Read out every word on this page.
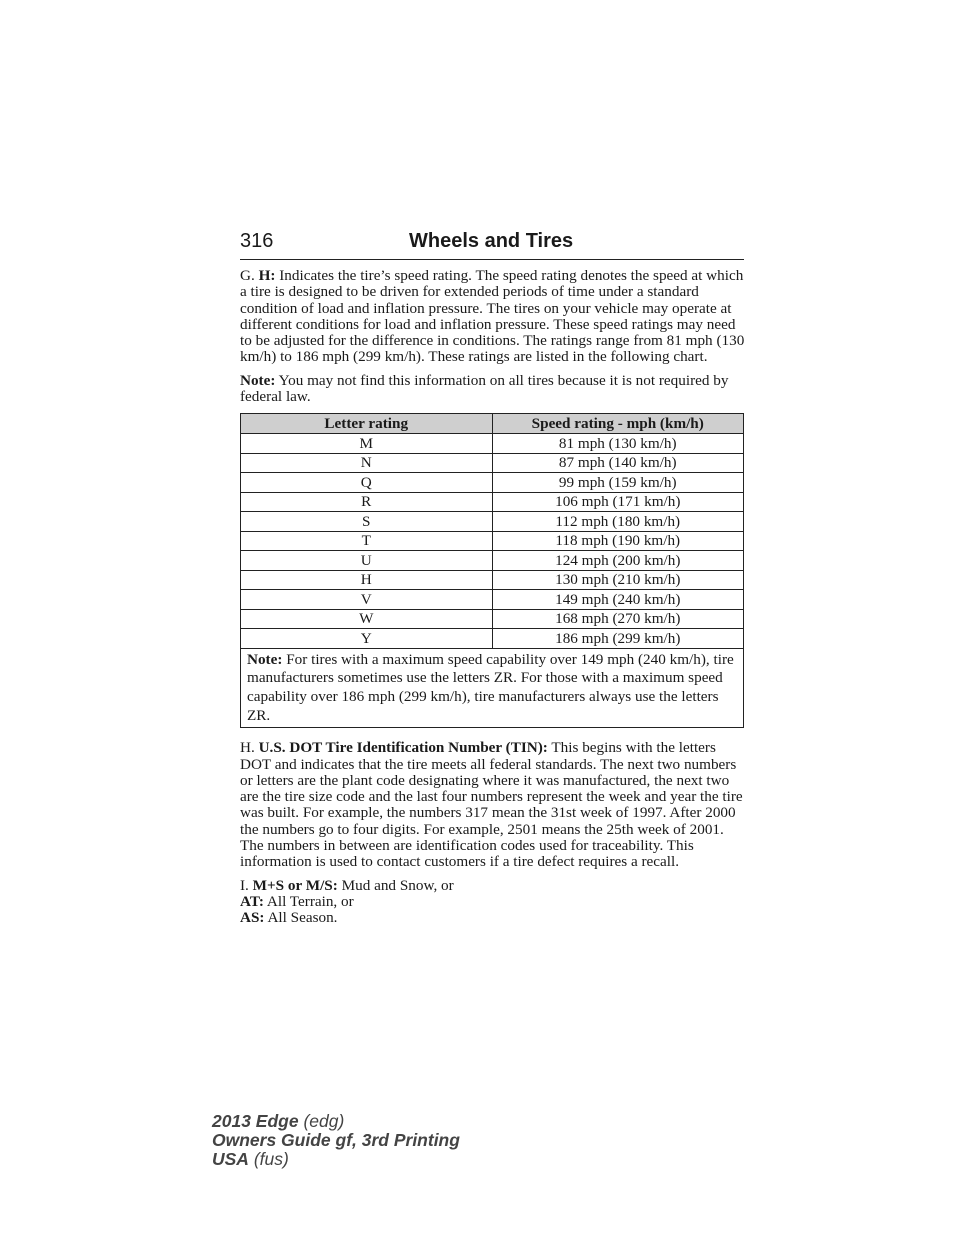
316	Wheels and Tires

G. H: Indicates the tire’s speed rating. The speed rating denotes the speed at which a tire is designed to be driven for extended periods of time under a standard condition of load and inflation pressure. The tires on your vehicle may operate at different conditions for load and inflation pressure. These speed ratings may need to be adjusted for the difference in conditions. The ratings range from 81 mph (130 km/h) to 186 mph (299 km/h). These ratings are listed in the following chart.

Note: You may not find this information on all tires because it is not required by federal law.

Letter rating	Speed rating - mph (km/h)
M	81 mph (130 km/h)
N	87 mph (140 km/h)
Q	99 mph (159 km/h)
R	106 mph (171 km/h)
S	112 mph (180 km/h)
T	118 mph (190 km/h)
U	124 mph (200 km/h)
H	130 mph (210 km/h)
V	149 mph (240 km/h)
W	168 mph (270 km/h)
Y	186 mph (299 km/h)
Note: For tires with a maximum speed capability over 149 mph (240 km/h), tire manufacturers sometimes use the letters ZR. For those with a maximum speed capability over 186 mph (299 km/h), tire manufacturers always use the letters ZR.	

H. U.S. DOT Tire Identification Number (TIN): This begins with the letters DOT and indicates that the tire meets all federal standards. The next two numbers or letters are the plant code designating where it was manufactured, the next two are the tire size code and the last four numbers represent the week and year the tire was built. For example, the numbers 317 mean the 31st week of 1997. After 2000 the numbers go to four digits. For example, 2501 means the 25th week of 2001. The numbers in between are identification codes used for traceability. This information is used to contact customers if a tire defect requires a recall.

I. M+S or M/S: Mud and Snow, or
AT: All Terrain, or
AS: All Season.
2013 Edge (edg)
Owners Guide gf, 3rd Printing
USA (fus)
